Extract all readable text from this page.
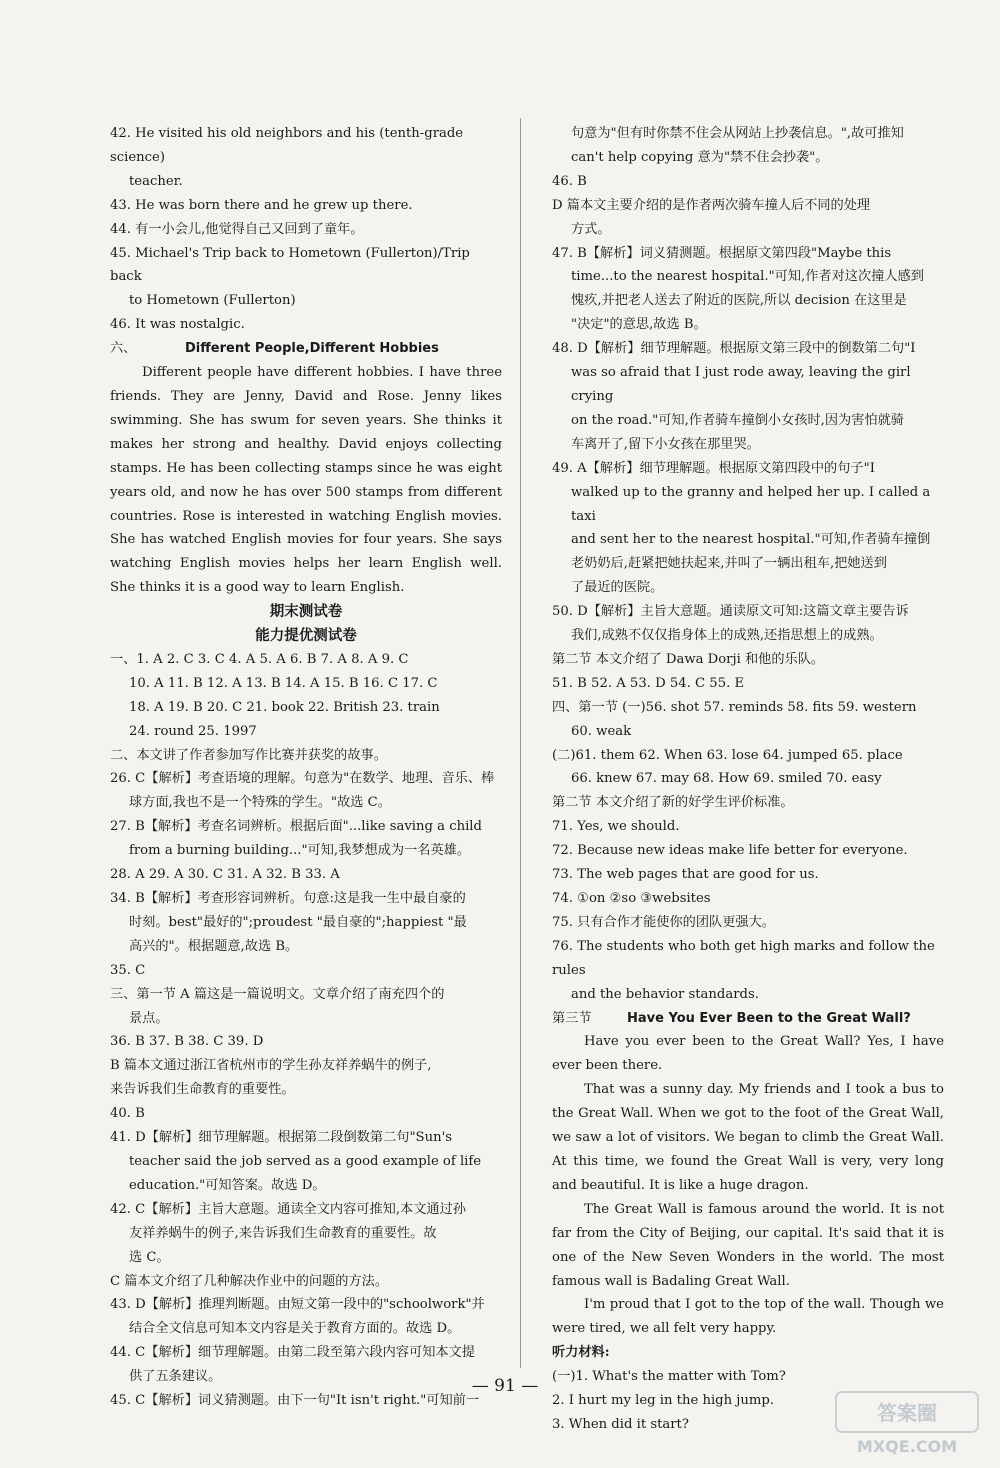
42. He visited his old neighbors and his (tenth-grade science)

teacher.

43. He was born there and he grew up there.

44. 有一小会儿,他觉得自己又回到了童年。

45. Michael's Trip back to Hometown (Fullerton)/Trip back

to Hometown (Fullerton)

46. It was nostalgic.

六、	Different People,Different Hobbies

Different people have different hobbies. I have three friends. They are Jenny, David and Rose. Jenny likes swimming. She has swum for seven years. She thinks it makes her strong and healthy. David enjoys collecting stamps. He has been collecting stamps since he was eight years old, and now he has over 500 stamps from different countries. Rose is interested in watching English movies. She has watched English movies for four years. She says watching English movies helps her learn English well. She thinks it is a good way to learn English.

期末测试卷

能力提优测试卷

一、1. A 2. C 3. C 4. A 5. A 6. B 7. A 8. A 9. C

10. A 11. B 12. A 13. B 14. A 15. B 16. C 17. C

18. A 19. B 20. C 21. book 22. British 23. train

24. round 25. 1997

二、本文讲了作者参加写作比赛并获奖的故事。

26. C【解析】考查语境的理解。句意为"在数学、地理、音乐、棒

球方面,我也不是一个特殊的学生。"故选 C。

27. B【解析】考查名词辨析。根据后面"...like saving a child

from a burning building..."可知,我梦想成为一名英雄。

28. A 29. A 30. C 31. A 32. B 33. A

34. B【解析】考查形容词辨析。句意:这是我一生中最自豪的

时刻。best"最好的";proudest "最自豪的";happiest "最

高兴的"。根据题意,故选 B。

35. C

三、第一节 A 篇这是一篇说明文。文章介绍了南充四个的

景点。

36. B 37. B 38. C 39. D

B 篇本文通过浙江省杭州市的学生孙友祥养蜗牛的例子,

来告诉我们生命教育的重要性。

40. B

41. D【解析】细节理解题。根据第二段倒数第二句"Sun's

teacher said the job served as a good example of life

education."可知答案。故选 D。

42. C【解析】主旨大意题。通读全文内容可推知,本文通过孙

友祥养蜗牛的例子,来告诉我们生命教育的重要性。故

选 C。

C 篇本文介绍了几种解决作业中的问题的方法。

43. D【解析】推理判断题。由短文第一段中的"schoolwork"并

结合全文信息可知本文内容是关于教育方面的。故选 D。

44. C【解析】细节理解题。由第二段至第六段内容可知本文提

供了五条建议。

45. C【解析】词义猜测题。由下一句"It isn't right."可知前一

句意为"但有时你禁不住会从网站上抄袭信息。",故可推知

can't help copying 意为"禁不住会抄袭"。

46. B

D 篇本文主要介绍的是作者两次骑车撞人后不同的处理

方式。

47. B【解析】词义猜测题。根据原文第四段"Maybe this

time...to the nearest hospital."可知,作者对这次撞人感到

愧疚,并把老人送去了附近的医院,所以 decision 在这里是

"决定"的意思,故选 B。

48. D【解析】细节理解题。根据原文第三段中的倒数第二句"I

was so afraid that I just rode away, leaving the girl crying

on the road."可知,作者骑车撞倒小女孩时,因为害怕就骑

车离开了,留下小女孩在那里哭。

49. A【解析】细节理解题。根据原文第四段中的句子"I

walked up to the granny and helped her up. I called a taxi

and sent her to the nearest hospital."可知,作者骑车撞倒

老奶奶后,赶紧把她扶起来,并叫了一辆出租车,把她送到

了最近的医院。

50. D【解析】主旨大意题。通读原文可知:这篇文章主要告诉

我们,成熟不仅仅指身体上的成熟,还指思想上的成熟。

第二节 本文介绍了 Dawa Dorji 和他的乐队。

51. B 52. A 53. D 54. C 55. E

四、第一节 (一)56. shot 57. reminds 58. fits 59. western

60. weak

(二)61. them 62. When 63. lose 64. jumped 65. place

66. knew 67. may 68. How 69. smiled 70. easy

第二节 本文介绍了新的好学生评价标准。

71. Yes, we should.

72. Because new ideas make life better for everyone.

73. The web pages that are good for us.

74. ①on ②so ③websites

75. 只有合作才能使你的团队更强大。

76. The students who both get high marks and follow the rules

and the behavior standards.

第三节	Have You Ever Been to the Great Wall?

Have you ever been to the Great Wall? Yes, I have ever been there.

That was a sunny day. My friends and I took a bus to the Great Wall. When we got to the foot of the Great Wall, we saw a lot of visitors. We began to climb the Great Wall. At this time, we found the Great Wall is very, very long and beautiful. It is like a huge dragon.

The Great Wall is famous around the world. It is not far from the City of Beijing, our capital. It's said that it is one of the New Seven Wonders in the world. The most famous wall is Badaling Great Wall.

I'm proud that I got to the top of the wall. Though we were tired, we all felt very happy.

听力材料:

(一)1. What's the matter with Tom?

2. I hurt my leg in the high jump.

3. When did it start?

— 91 —
答案圈
MXQE.COM
